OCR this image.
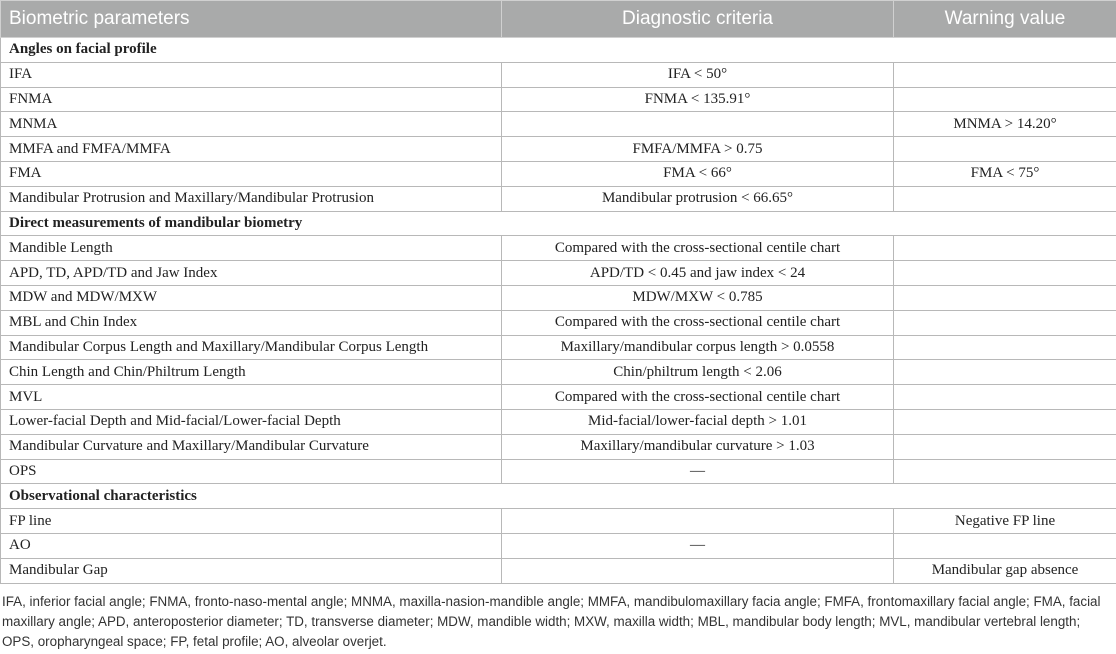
Biometric parameters	Diagnostic criteria	Warning value
Angles on facial profile		
IFA	IFA < 50°	
FNMA	FNMA < 135.91°	
MNMA		MNMA > 14.20°
MMFA and FMFA/MMFA	FMFA/MMFA > 0.75	
FMA	FMA < 66°	FMA < 75°
Mandibular Protrusion and Maxillary/Mandibular Protrusion	Mandibular protrusion < 66.65°	
Direct measurements of mandibular biometry		
Mandible Length	Compared with the cross-sectional centile chart	
APD, TD, APD/TD and Jaw Index	APD/TD < 0.45 and jaw index < 24	
MDW and MDW/MXW	MDW/MXW < 0.785	
MBL and Chin Index	Compared with the cross-sectional centile chart	
Mandibular Corpus Length and Maxillary/Mandibular Corpus Length	Maxillary/mandibular corpus length > 0.0558	
Chin Length and Chin/Philtrum Length	Chin/philtrum length < 2.06	
MVL	Compared with the cross-sectional centile chart	
Lower-facial Depth and Mid-facial/Lower-facial Depth	Mid-facial/lower-facial depth > 1.01	
Mandibular Curvature and Maxillary/Mandibular Curvature	Maxillary/mandibular curvature > 1.03	
OPS	—	
Observational characteristics		
FP line		Negative FP line
AO	—	
Mandibular Gap		Mandibular gap absence

IFA, inferior facial angle; FNMA, fronto-naso-mental angle; MNMA, maxilla-nasion-mandible angle; MMFA, mandibulomaxillary facia angle; FMFA, frontomaxillary facial angle; FMA, facial maxillary angle; APD, anteroposterior diameter; TD, transverse diameter; MDW, mandible width; MXW, maxilla width; MBL, mandibular body length; MVL, mandibular vertebral length; OPS, oropharyngeal space; FP, fetal profile; AO, alveolar overjet.
